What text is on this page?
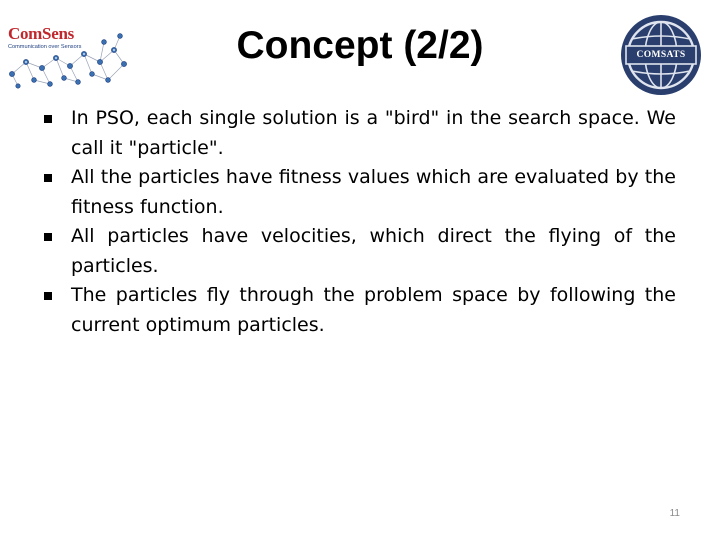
ComSens
Communication over Sensors	Concept (2/2)	COMSATS
In PSO, each single solution is a "bird" in the search space. We call it "particle".
All the particles have fitness values which are evaluated by the fitness function.
All particles have velocities, which direct the flying of the particles.
The particles fly through the problem space by following the current optimum particles.
11
